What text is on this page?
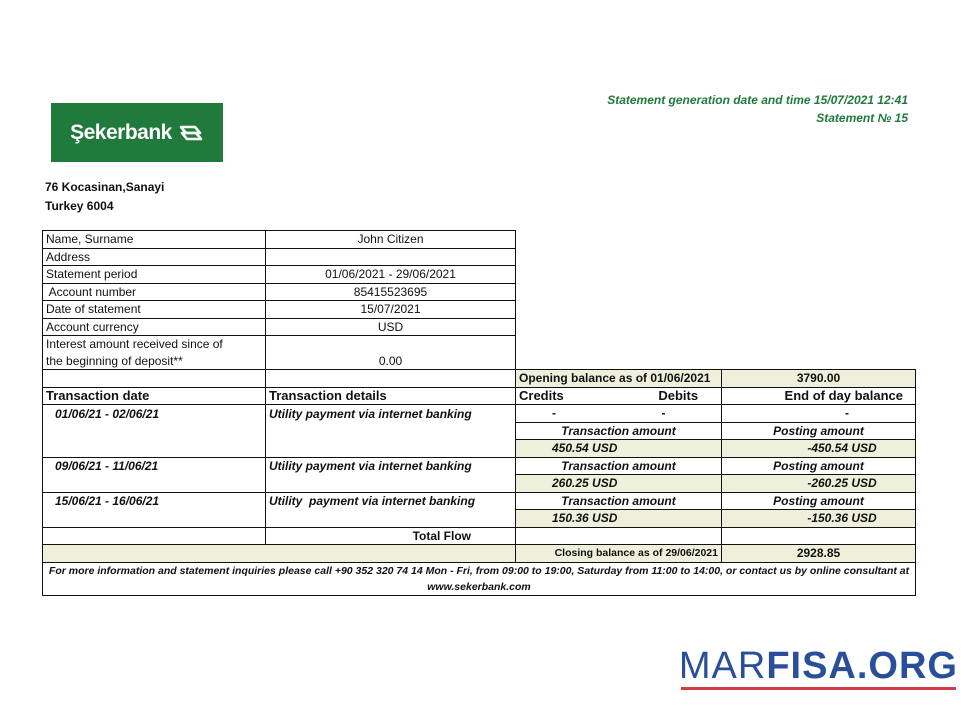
Statement generation date and time 15/07/2021 12:41
Statement № 15
Şekerbank
76 Kocasinan,Sanayi
Turkey 6004
Name, Surname	John Citizen			
Address				
Statement period	01/06/2021 - 29/06/2021			
Account number	85415523695			
Date of statement	15/07/2021			
Account currency	USD			
Interest amount received since of				
the beginning of deposit**	0.00			
		Opening balance as of 01/06/2021		3790.00
Transaction date	Transaction details	Credits	Debits	End of day balance
01/06/21 - 02/06/21	Utility payment via internet banking	-	-	-
		Transaction amount		Posting amount
		450.54 USD		-450.54 USD
09/06/21 - 11/06/21	Utility payment via internet banking	Transaction amount		Posting amount
		260.25 USD		-260.25 USD
15/06/21 - 16/06/21	Utility  payment via internet banking	Transaction amount		Posting amount
		150.36 USD		-150.36 USD
	Total Flow			
		Closing balance as of 29/06/2021		2928.85
For more information and statement inquiries please call +90 352 320 74 14 Mon - Fri, from 09:00 to 19:00, Saturday from 11:00 to 14:00, or contact us by online consultant at www.sekerbank.com				
MARFISA.ORG
